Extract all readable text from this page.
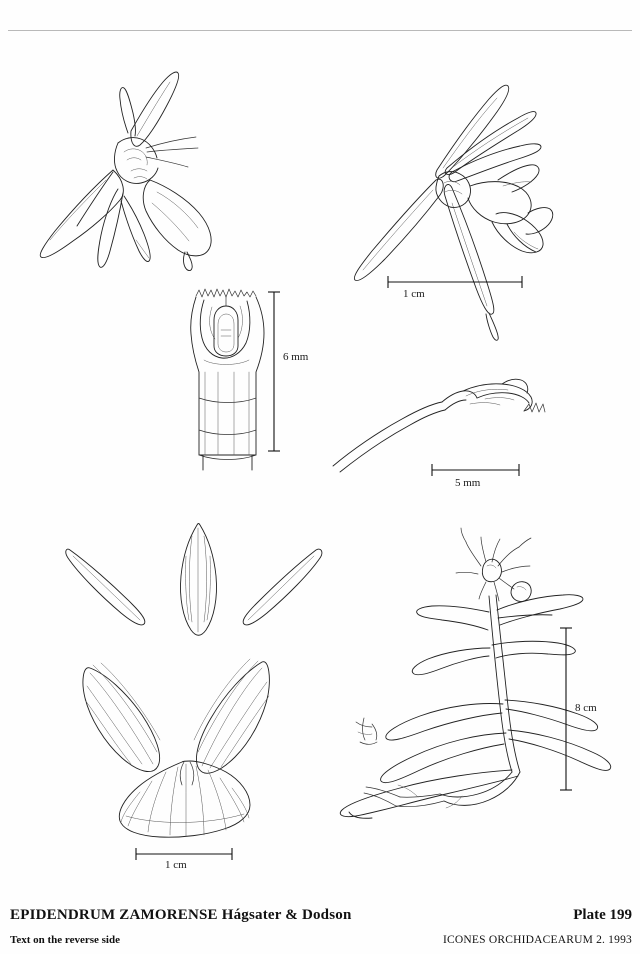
1 cm
6 mm
5 mm
8 cm
1 cm
EPIDENDRUM ZAMORENSE Hágsater & Dodson	Plate 199
Text on the reverse side	ICONES ORCHIDACEARUM 2. 1993
